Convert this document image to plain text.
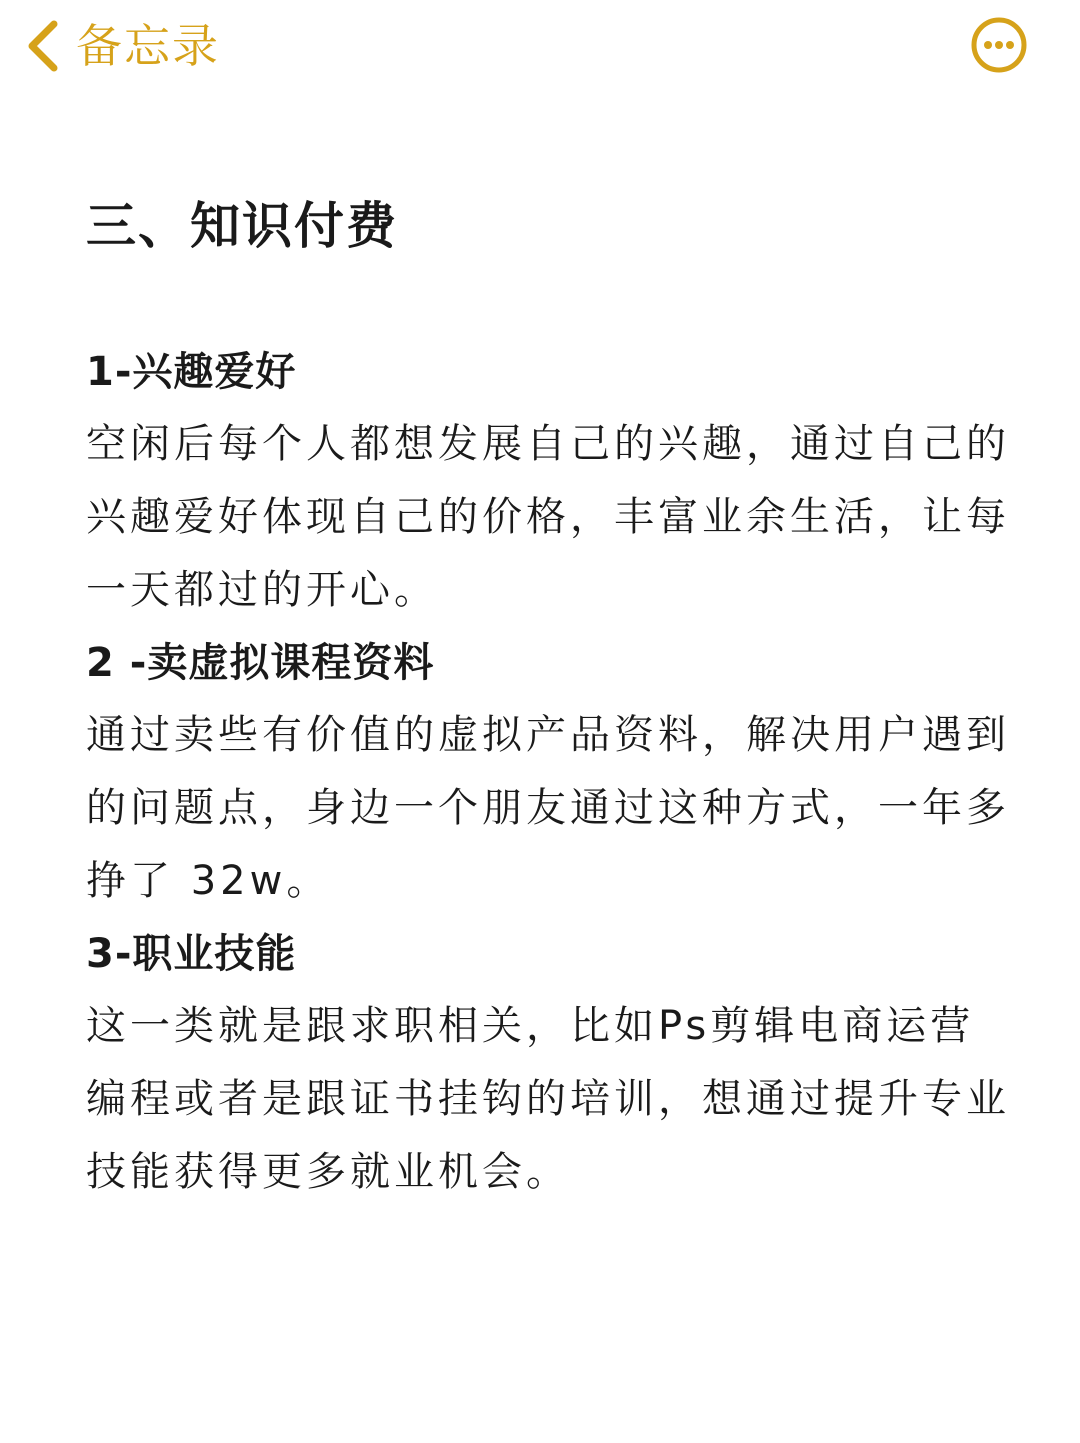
备忘录
三、知识付费

1-兴趣爱好

空闲后每个人都想发展自己的兴趣，通过自己的兴趣爱好体现自己的价格，丰富业余生活，让每一天都过的开心。

2 -卖虚拟课程资料

通过卖些有价值的虚拟产品资料，解决用户遇到的问题点，身边一个朋友通过这种方式，一年多挣了 32w。

3-职业技能

这一类就是跟求职相关，比如Ps剪辑电商运营编程或者是跟证书挂钩的培训，想通过提升专业技能获得更多就业机会。
